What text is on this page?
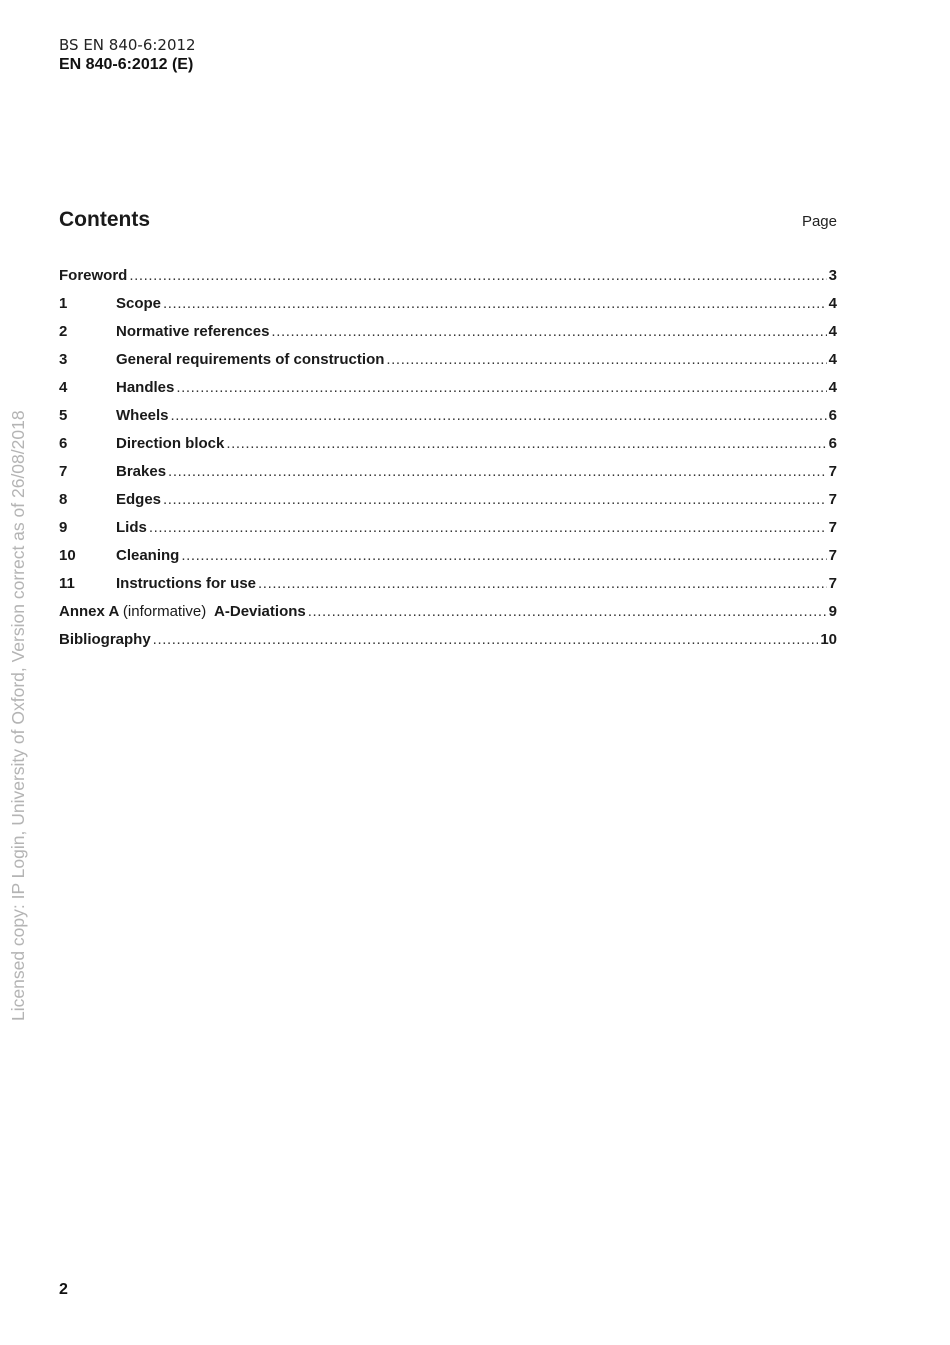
BS EN 840-6:2012
EN 840-6:2012 (E)
Contents	Page
Foreword .....	3
1	Scope .....	4
2	Normative references .....	4
3	General requirements of construction .....	4
4	Handles .....	4
5	Wheels .....	6
6	Direction block .....	6
7	Brakes .....	7
8	Edges .....	7
9	Lids .....	7
10	Cleaning .....	7
11	Instructions for use .....	7
Annex A (informative) A-Deviations .....	9
Bibliography .....	10
Licensed copy: IP Login, University of Oxford, Version correct as of 26/08/2018
2
